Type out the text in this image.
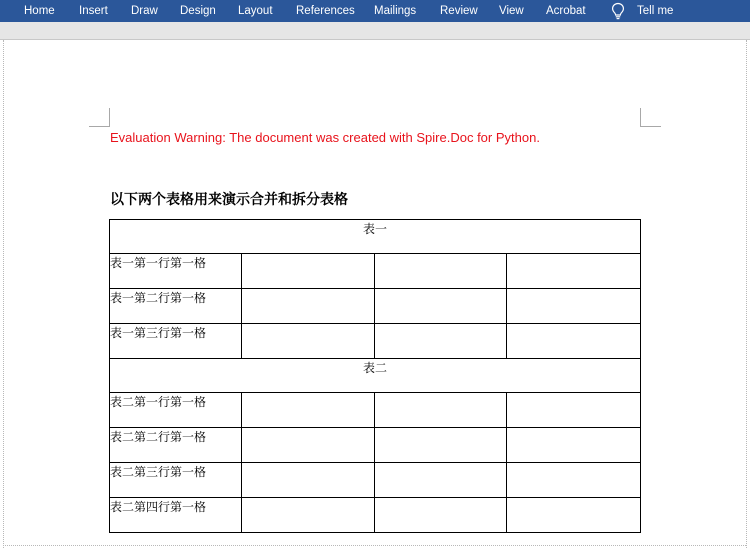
Home Insert Draw Design Layout References Mailings Review View Acrobat	Tell me
Evaluation Warning: The document was created with Spire.Doc for Python.
以下两个表格用来演示合并和拆分表格
表一			
表一第一行第一格			
表一第二行第一格			
表一第三行第一格			
表二			
表二第一行第一格			
表二第二行第一格			
表二第三行第一格			
表二第四行第一格			
